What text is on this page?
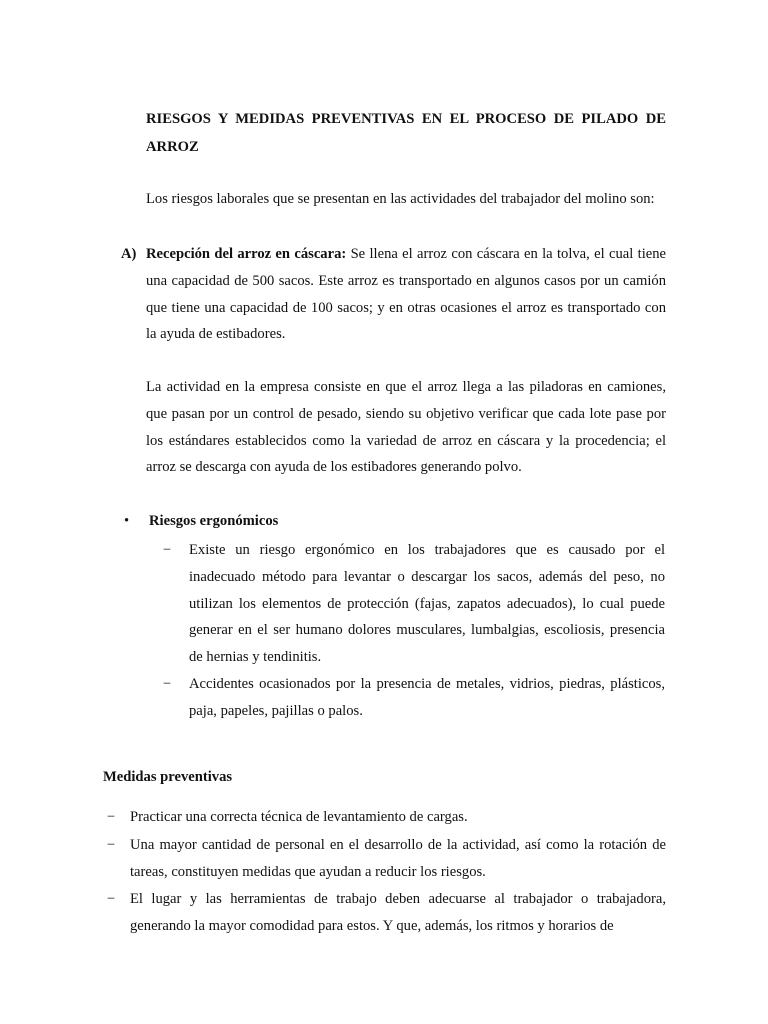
RIESGOS Y MEDIDAS PREVENTIVAS EN EL PROCESO DE PILADO DE ARROZ
Los riesgos laborales que se presentan en las actividades del trabajador del molino son:
A) Recepción del arroz en cáscara: Se llena el arroz con cáscara en la tolva, el cual tiene una capacidad de 500 sacos. Este arroz es transportado en algunos casos por un camión que tiene una capacidad de 100 sacos; y en otras ocasiones el arroz es transportado con la ayuda de estibadores.
La actividad en la empresa consiste en que el arroz llega a las piladoras en camiones, que pasan por un control de pesado, siendo su objetivo verificar que cada lote pase por los estándares establecidos como la variedad de arroz en cáscara y la procedencia; el arroz se descarga con ayuda de los estibadores generando polvo.
• Riesgos ergonómicos
− Existe un riesgo ergonómico en los trabajadores que es causado por el inadecuado método para levantar o descargar los sacos, además del peso, no utilizan los elementos de protección (fajas, zapatos adecuados), lo cual puede generar en el ser humano dolores musculares, lumbalgias, escoliosis, presencia de hernias y tendinitis.
− Accidentes ocasionados por la presencia de metales, vidrios, piedras, plásticos, paja, papeles, pajillas o palos.
Medidas preventivas
− Practicar una correcta técnica de levantamiento de cargas.
− Una mayor cantidad de personal en el desarrollo de la actividad, así como la rotación de tareas, constituyen medidas que ayudan a reducir los riesgos.
− El lugar y las herramientas de trabajo deben adecuarse al trabajador o trabajadora, generando la mayor comodidad para estos. Y que, además, los ritmos y horarios de
